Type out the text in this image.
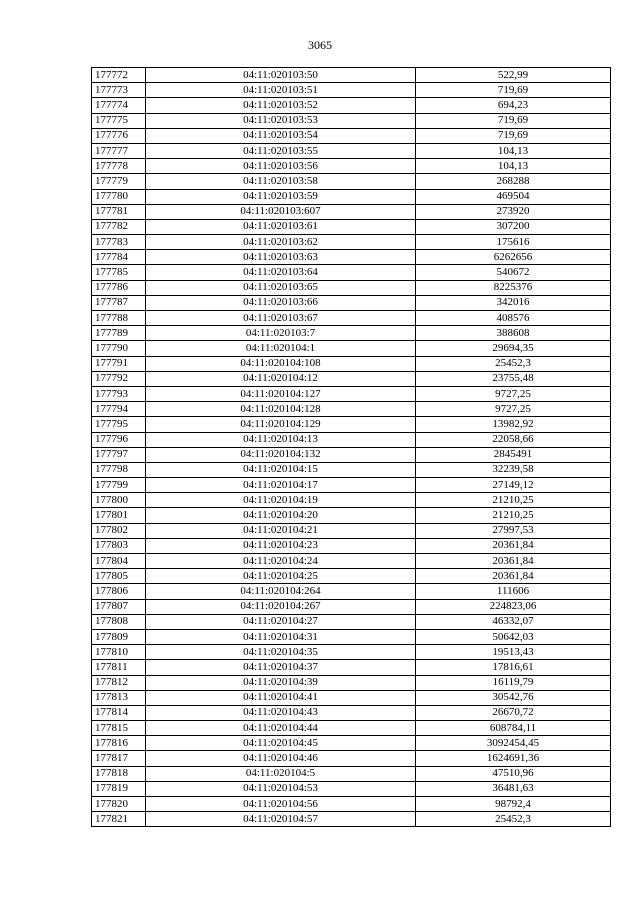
3065
177772	04:11:020103:50	522,99
177773	04:11:020103:51	719,69
177774	04:11:020103:52	694,23
177775	04:11:020103:53	719,69
177776	04:11:020103:54	719,69
177777	04:11:020103:55	104,13
177778	04:11:020103:56	104,13
177779	04:11:020103:58	268288
177780	04:11:020103:59	469504
177781	04:11:020103:607	273920
177782	04:11:020103:61	307200
177783	04:11:020103:62	175616
177784	04:11:020103:63	6262656
177785	04:11:020103:64	540672
177786	04:11:020103:65	8225376
177787	04:11:020103:66	342016
177788	04:11:020103:67	408576
177789	04:11:020103:7	388608
177790	04:11:020104:1	29694,35
177791	04:11:020104:108	25452,3
177792	04:11:020104:12	23755,48
177793	04:11:020104:127	9727,25
177794	04:11:020104:128	9727,25
177795	04:11:020104:129	13982,92
177796	04:11:020104:13	22058,66
177797	04:11:020104:132	2845491
177798	04:11:020104:15	32239,58
177799	04:11:020104:17	27149,12
177800	04:11:020104:19	21210,25
177801	04:11:020104:20	21210,25
177802	04:11:020104:21	27997,53
177803	04:11:020104:23	20361,84
177804	04:11:020104:24	20361,84
177805	04:11:020104:25	20361,84
177806	04:11:020104:264	111606
177807	04:11:020104:267	224823,06
177808	04:11:020104:27	46332,07
177809	04:11:020104:31	50642,03
177810	04:11:020104:35	19513,43
177811	04:11:020104:37	17816,61
177812	04:11:020104:39	16119,79
177813	04:11:020104:41	30542,76
177814	04:11:020104:43	26670,72
177815	04:11:020104:44	608784,11
177816	04:11:020104:45	3092454,45
177817	04:11:020104:46	1624691,36
177818	04:11:020104:5	47510,96
177819	04:11:020104:53	36481,63
177820	04:11:020104:56	98792,4
177821	04:11:020104:57	25452,3
